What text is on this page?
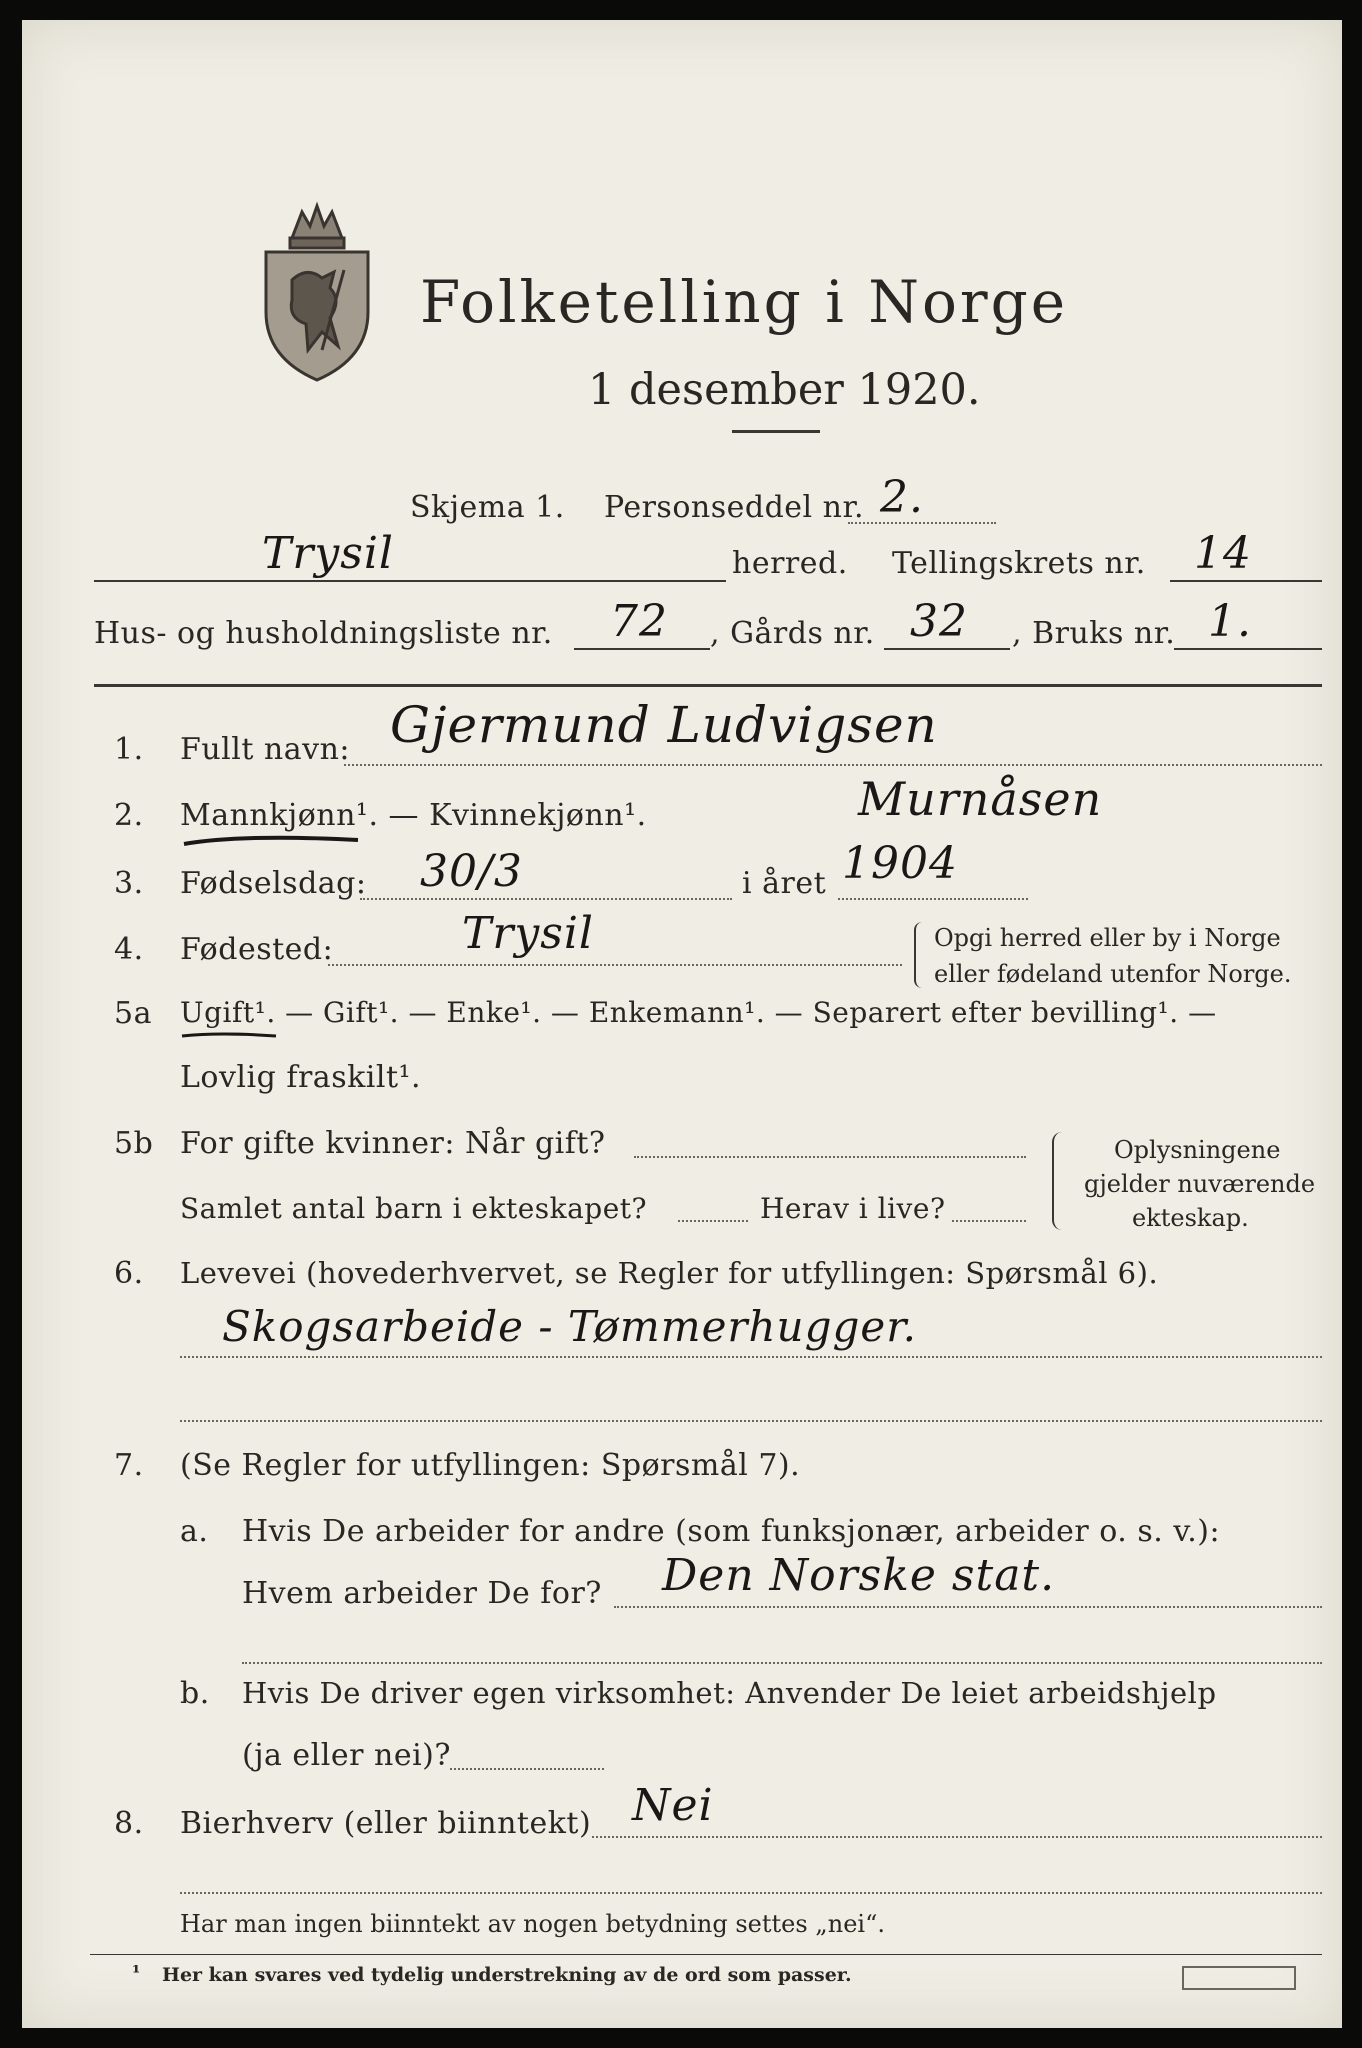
Folketelling i Norge
1 desember 1920.
Skjema 1. Personseddel nr. 2.
Trysil	herred. Tellingskrets nr. 14
Hus- og husholdningsliste nr. 72 , Gårds nr. 32 , Bruks nr. 1.
1. Fullt navn: Gjermund Ludvigsen
Murnåsen
2. Mannkjønn¹. — Kvinnekjønn¹.
3. Fødselsdag: 30/3	i året 1904
4. Fødested:	Trysil	Opgi herred eller by i Norge
eller fødeland utenfor Norge.
5a Ugift¹. — Gift¹. — Enke¹. — Enkemann¹. — Separert efter bevilling¹. —
Lovlig fraskilt¹.
5b For gifte kvinner: Når gift?
Samlet antal barn i ekteskapet?	Herav i live?
Oplysningene
gjelder nuværende
ekteskap.
6. Levevei (hovederhvervet, se Regler for utfyllingen: Spørsmål 6).
Skogsarbeide - Tømmerhugger.
7. (Se Regler for utfyllingen: Spørsmål 7).
a. Hvis De arbeider for andre (som funksjonær, arbeider o. s. v.):
Hvem arbeider De for? Den Norske stat.
b. Hvis De driver egen virksomhet: Anvender De leiet arbeidshjelp
(ja eller nei)?
8. Bierhverv (eller biinntekt) Nei
Har man ingen biinntekt av nogen betydning settes „nei“.
¹ Her kan svares ved tydelig understrekning av de ord som passer.
